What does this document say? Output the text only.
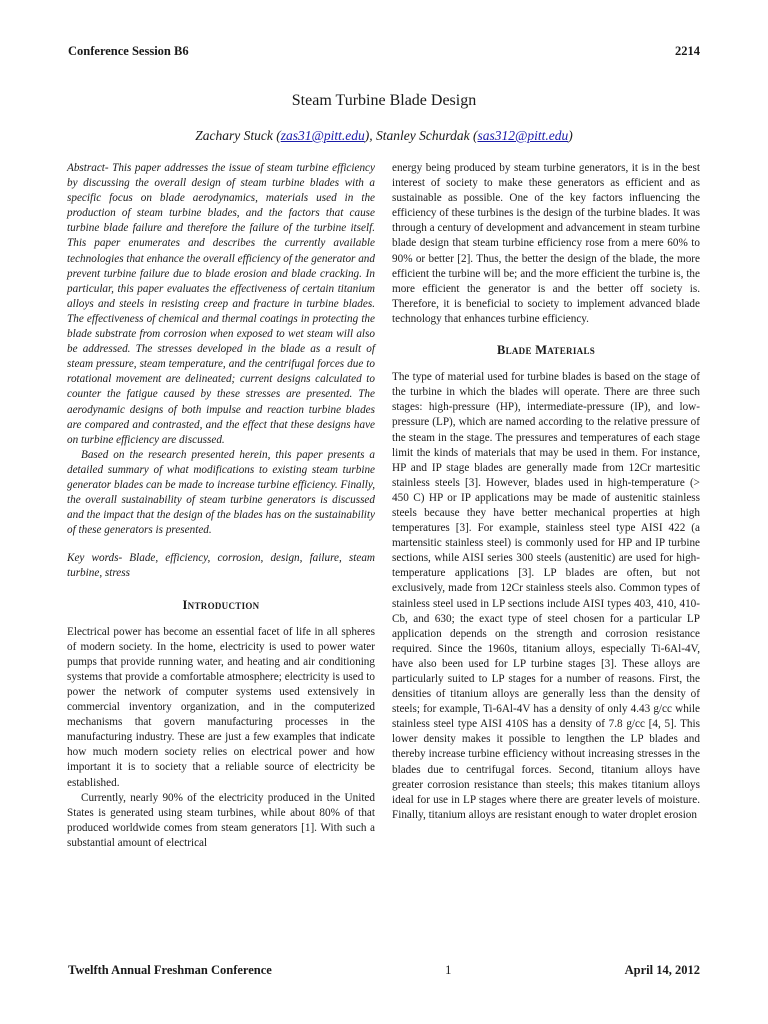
Conference Session B6	2214
Steam Turbine Blade Design
Zachary Stuck (zas31@pitt.edu), Stanley Schurdak (sas312@pitt.edu)

Abstract- This paper addresses the issue of steam turbine efficiency by discussing the overall design of steam turbine blades with a specific focus on blade aerodynamics, materials used in the production of steam turbine blades, and the factors that cause turbine blade failure and therefore the failure of the turbine itself. This paper enumerates and describes the currently available technologies that enhance the overall efficiency of the generator and prevent turbine failure due to blade erosion and blade cracking. In particular, this paper evaluates the effectiveness of certain titanium alloys and steels in resisting creep and fracture in turbine blades. The effectiveness of chemical and thermal coatings in protecting the blade substrate from corrosion when exposed to wet steam will also be addressed. The stresses developed in the blade as a result of steam pressure, steam temperature, and the centrifugal forces due to rotational movement are delineated; current designs calculated to counter the fatigue caused by these stresses are presented. The aerodynamic designs of both impulse and reaction turbine blades are compared and contrasted, and the effect that these designs have on turbine efficiency are discussed.

Based on the research presented herein, this paper presents a detailed summary of what modifications to existing steam turbine generator blades can be made to increase turbine efficiency. Finally, the overall sustainability of steam turbine generators is discussed and the impact that the design of the blades has on the sustainability of these generators is presented.

Key words- Blade, efficiency, corrosion, design, failure, steam turbine, stress

Introduction

Electrical power has become an essential facet of life in all spheres of modern society. In the home, electricity is used to power water pumps that provide running water, and heating and air conditioning systems that provide a comfortable atmosphere; electricity is used to power the network of computer systems used extensively in commercial inventory organization, and in the computerized mechanisms that govern manufacturing processes in the manufacturing industry. These are just a few examples that indicate how much modern society relies on electrical power and how important it is to society that a reliable source of electricity be established.

Currently, nearly 90% of the electricity produced in the United States is generated using steam turbines, while about 80% of that produced worldwide comes from steam generators [1]. With such a substantial amount of electrical

energy being produced by steam turbine generators, it is in the best interest of society to make these generators as efficient and as sustainable as possible. One of the key factors influencing the efficiency of these turbines is the design of the turbine blades. It was through a century of development and advancement in steam turbine blade design that steam turbine efficiency rose from a mere 60% to 90% or better [2]. Thus, the better the design of the blade, the more efficient the turbine will be; and the more efficient the turbine is, the more efficient the generator is and the better off society is. Therefore, it is beneficial to society to implement advanced blade technology that enhances turbine efficiency.

Blade Materials

The type of material used for turbine blades is based on the stage of the turbine in which the blades will operate. There are three such stages: high-pressure (HP), intermediate-pressure (IP), and low-pressure (LP), which are named according to the relative pressure of the steam in the stage. The pressures and temperatures of each stage limit the kinds of materials that may be used in them. For instance, HP and IP stage blades are generally made from 12Cr martesitic stainless steels [3]. However, blades used in high-temperature (> 450 C) HP or IP applications may be made of austenitic stainless steels because they have better mechanical properties at high temperatures [3]. For example, stainless steel type AISI 422 (a martensitic stainless steel) is commonly used for HP and IP turbine sections, while AISI series 300 steels (austenitic) are used for high-temperature applications [3]. LP blades are often, but not exclusively, made from 12Cr stainless steels also. Common types of stainless steel used in LP sections include AISI types 403, 410, 410-Cb, and 630; the exact type of steel chosen for a particular LP application depends on the strength and corrosion resistance required. Since the 1960s, titanium alloys, especially Ti-6Al-4V, have also been used for LP turbine stages [3]. These alloys are particularly suited to LP stages for a number of reasons. First, the densities of titanium alloys are generally less than the density of steels; for example, Ti-6Al-4V has a density of only 4.43 g/cc while stainless steel type AISI 410S has a density of 7.8 g/cc [4, 5]. This lower density makes it possible to lengthen the LP blades and thereby increase turbine efficiency without increasing stresses in the blades due to centrifugal forces. Second, titanium alloys have greater corrosion resistance than steels; this makes titanium alloys ideal for use in LP stages where there are greater levels of moisture. Finally, titanium alloys are resistant enough to water droplet erosion

Twelfth Annual Freshman Conference	1	April 14, 2012
